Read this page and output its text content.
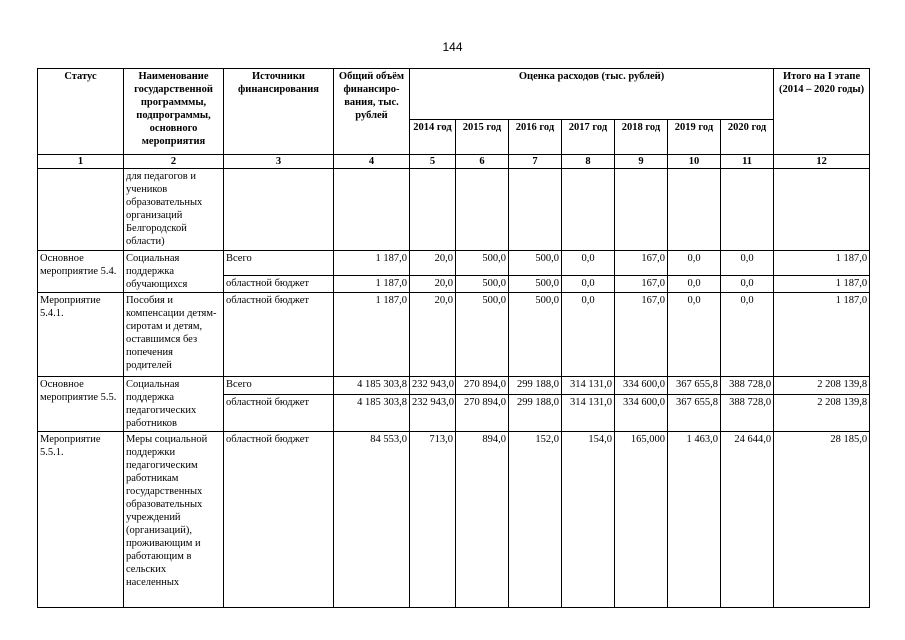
144
Статус	Наименование государственной программмы, подпрограммы, основного мероприятия	Источники финансирования	Общий объём финансиро-вания, тыс. рублей	Оценка расходов (тыс. рублей)							Итого на I этапе (2014 – 2020 годы)
				2014 год	2015 год	2016 год	2017 год	2018 год	2019 год	2020 год	
1	2	3	4	5	6	7	8	9	10	11	12
	для педагогов и учеников образовательных организаций Белгородской области)										
Основное мероприятие 5.4.	Социальная поддержка обучающихся	Всего	1 187,0	20,0	500,0	500,0	0,0	167,0	0,0	0,0	1 187,0
		областной бюджет	1 187,0	20,0	500,0	500,0	0,0	167,0	0,0	0,0	1 187,0
Мероприятие 5.4.1.	Пособия и компенсации детям-сиротам и детям, оставшимся без попечения родителей	областной бюджет	1 187,0	20,0	500,0	500,0	0,0	167,0	0,0	0,0	1 187,0
Основное мероприятие 5.5.	Социальная поддержка педагогических работников	Всего	4 185 303,8	232 943,0	270 894,0	299 188,0	314 131,0	334 600,0	367 655,8	388 728,0	2 208 139,8
		областной бюджет	4 185 303,8	232 943,0	270 894,0	299 188,0	314 131,0	334 600,0	367 655,8	388 728,0	2 208 139,8
Мероприятие 5.5.1.	Меры социальной поддержки педагогическим работникам государственных образовательных учреждений (организаций), проживающим и работающим в сельских населенных	областной бюджет	84 553,0	713,0	894,0	152,0	154,0	165,000	1 463,0	24 644,0	28 185,0
